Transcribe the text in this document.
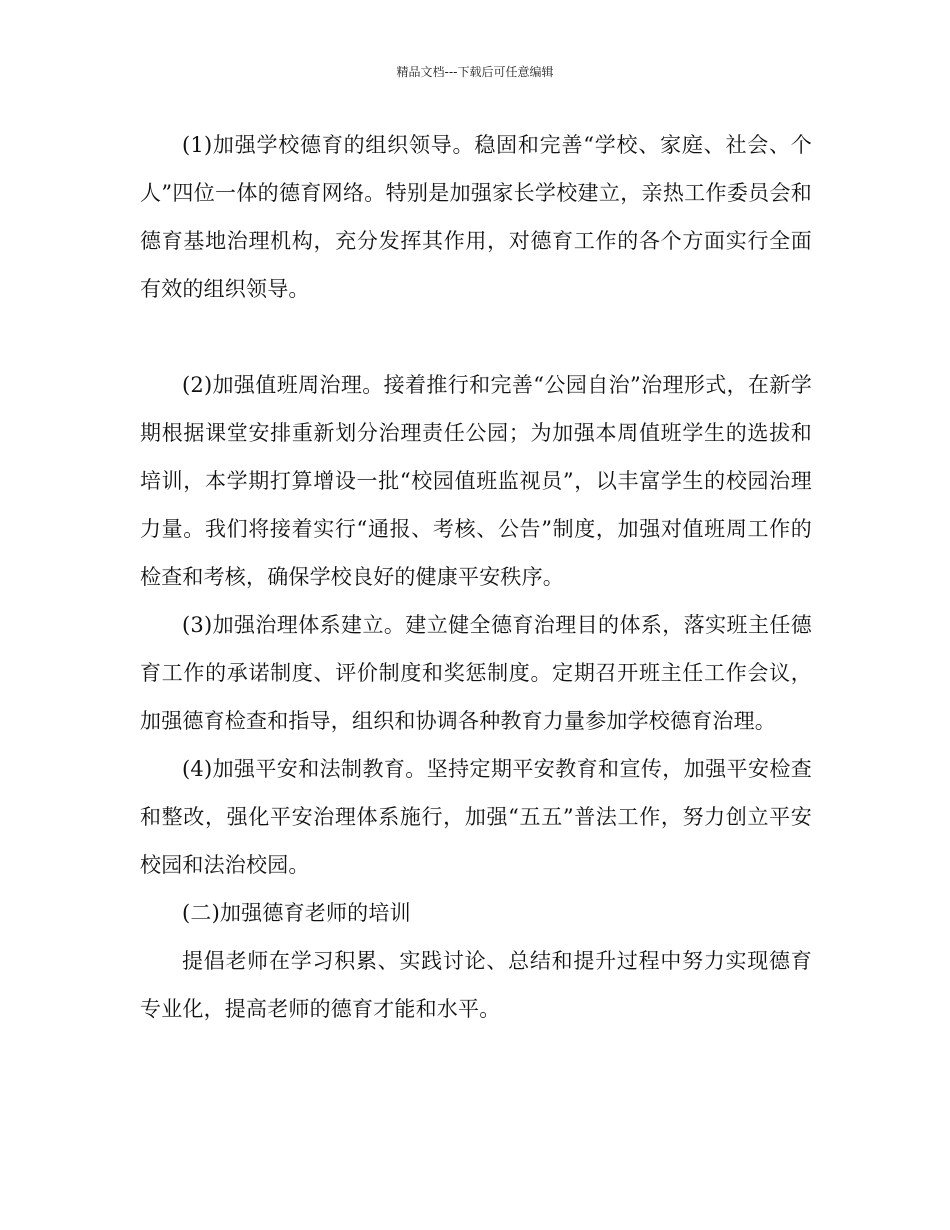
精品文档---下载后可任意编辑

(1)加强学校德育的组织领导。稳固和完善“学校、家庭、社会、个人”四位一体的德育网络。特别是加强家长学校建立，亲热工作委员会和德育基地治理机构，充分发挥其作用，对德育工作的各个方面实行全面有效的组织领导。

(2)加强值班周治理。接着推行和完善“公园自治”治理形式，在新学期根据课堂安排重新划分治理责任公园；为加强本周值班学生的选拔和培训，本学期打算增设一批“校园值班监视员”，以丰富学生的校园治理力量。我们将接着实行“通报、考核、公告”制度，加强对值班周工作的检查和考核，确保学校良好的健康平安秩序。

(3)加强治理体系建立。建立健全德育治理目的体系，落实班主任德育工作的承诺制度、评价制度和奖惩制度。定期召开班主任工作会议，加强德育检查和指导，组织和协调各种教育力量参加学校德育治理。

(4)加强平安和法制教育。坚持定期平安教育和宣传，加强平安检查和整改，强化平安治理体系施行，加强“五五”普法工作，努力创立平安校园和法治校园。

(二)加强德育老师的培训

提倡老师在学习积累、实践讨论、总结和提升过程中努力实现德育专业化，提高老师的德育才能和水平。
